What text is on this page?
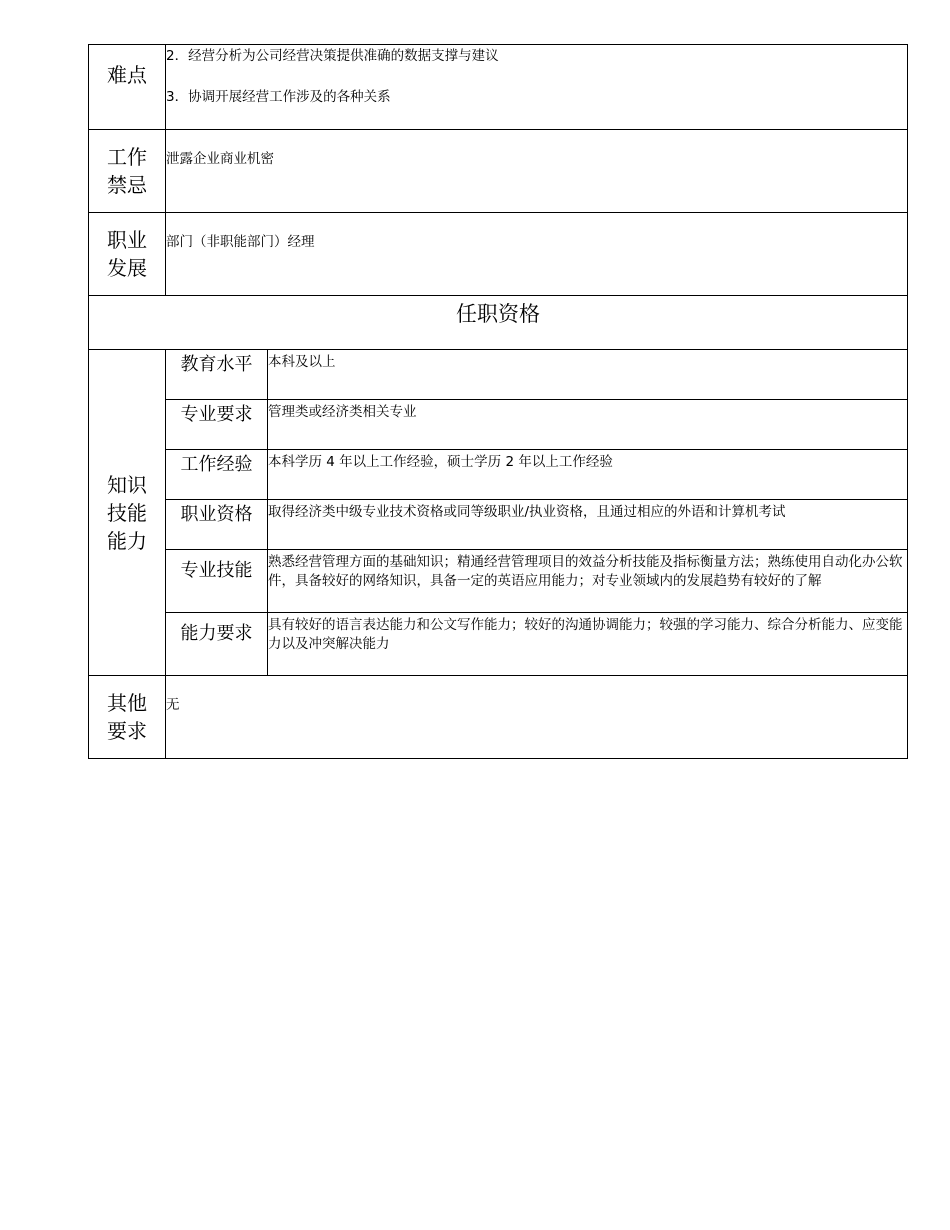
难点	2．经营分析为公司经营决策提供准确的数据支撑与建议

3．协调开展经营工作涉及的各种关系	

工作
禁忌	泄露企业商业机密	

职业
发展	部门（非职能部门）经理	
任职资格		

知识
技能
能力	教育水平	本科及以上
	专业要求	管理类或经济类相关专业
	工作经验	本科学历 4 年以上工作经验，硕士学历 2 年以上工作经验
	职业资格	取得经济类中级专业技术资格或同等级职业/执业资格，且通过相应的外语和计算机考试
	专业技能	熟悉经营管理方面的基础知识；精通经营管理项目的效益分析技能及指标衡量方法；熟练使用自动化办公软件，具备较好的网络知识，具备一定的英语应用能力；对专业领域内的发展趋势有较好的了解
	能力要求	具有较好的语言表达能力和公文写作能力；较好的沟通协调能力；较强的学习能力、综合分析能力、应变能力以及冲突解决能力

其他
要求	无	
